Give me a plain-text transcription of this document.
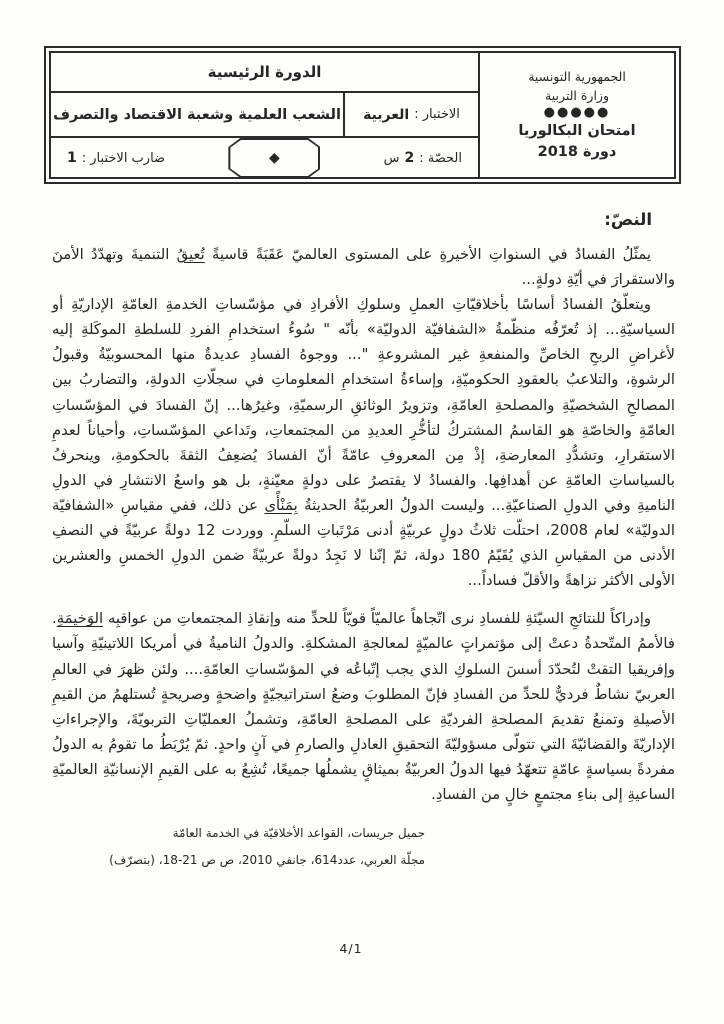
الجمهورية التونسية
وزارة التربية
●●●●●
امتحان البكالوريا
دورة 2018
الدورة الرئيسية
الاختبار :
العربية
الشعب العلمية وشعبة الاقتصاد والتصرف
الحصّة :
2
س
◆
ضارب الاختبار :
1
النصّ:

يمثّلُ الفسادُ في السنواتِ الأخيرةِ على المستوى العالميّ عَقَبَةً قاسيةً تُعيقُ التنميةَ وتهدّدُ الأمنَ والاستقرارَ في أيّةِ دولةٍ...

ويتعلّقُ الفسادُ أساسًا بأخلاقيّاتِ العملِ وسلوكِ الأفرادِ في مؤسّساتِ الخدمةِ العامّةِ الإداريّةِ أو السياسيّةِ... إذ تُعرّفُه منظّمةُ «الشفافيّة الدوليّة» بأنّه " سُوءُ استخدامِ الفردِ للسلطةِ الموكَلةِ إليه لأغراضِ الربحِ الخاصِّ والمنفعةِ غير المشروعةِ "... ووجوهُ الفسادِ عديدةٌ منها المحسوبيّةُ وقبولُ الرشوةِ، والتلاعبُ بالعقودِ الحكوميّةِ، وإساءةُ استخدامِ المعلوماتِ في سجلّاتِ الدولةِ، والتضاربُ بين المصالحِ الشخصيّةِ والمصلحةِ العامّةِ، وتزويرُ الوثائقِ الرسميّةِ، وغيرُها... إنّ الفسادَ في المؤسّساتِ العامّةِ والخاصّةِ هو القاسمُ المشتركُ لتأخُّرِ العديدِ من المجتمعاتِ، وتَداعي المؤسّساتِ، وأحياناً لعدمِ الاستقرارِ، وتشدُّدِ المعارضةِ، إذْ مِن المعروفِ عامّةً أنّ الفسادَ يُضعِفُ الثقةَ بالحكومةِ، وينحرفُ بالسياساتِ العامّةِ عن أهدافِها. والفسادُ لا يقتصرُ على دولةٍ معيّنةٍ، بل هو واسعُ الانتشارِ في الدولِ الناميةِ وفي الدولِ الصناعيّةِ... وليست الدولُ العربيّةُ الحديثةُ بِمَنْأًى عن ذلك، ففي مقياسِ «الشفافيّة الدوليّة» لعام 2008، احتلّت ثلاثُ دولٍ عربيّةٍ أدنى مَرْتَباتِ السلّمِ. ووردت 12 دولةً عربيّةً في النصفِ الأدنى من المقياسِ الذي يُقَيّمُ 180 دولة، ثمّ إنّنا لا نَجِدُ دولةً عربيّةً ضمن الدولِ الخمسِ والعشرين الأولى الأكثر نزاهةً والأقلّ فساداً...

وإدراكاً للنتائجِ السيّئةِ للفسادِ نرى اتّجاهاً عالميّاً قويّاً للحدِّ منه وإنقاذِ المجتمعاتِ من عواقبِه الوَخيمَةِ. فالأممُ المتّحدةُ دعتْ إلى مؤتمراتٍ عالميّةٍ لمعالجةِ المشكلةِ. والدولُ الناميةُ في أمريكا اللاتينيّةِ وآسيا وإفريقيا التقتْ لتُحدّدَ أسسَ السلوكِ الذي يجب إتّباعُه في المؤسّساتِ العامّةِ.... ولئن ظهرَ في العالمِ العربيّ نشاطٌ فرديٌّ للحدِّ من الفسادِ فإنّ المطلوبَ وضعُ استراتيجيّةٍ واضحةٍ وصريحةٍ تُستلهمُ من القيمِ الأصيلةِ وتمنعُ تقديمَ المصلحةِ الفرديّةِ على المصلحةِ العامّةِ، وتشملُ العمليّاتِ التربويّةَ، والإجراءاتِ الإداريّةَ والقضائيّةَ التي تتولّى مسؤوليّةَ التحقيقِ العادلِ والصارمِ في آنٍ واحدٍ. ثمّ يُرْبَطُ ما تقومُ به الدولُ مفردةً بسياسةٍ عامّةٍ تتعهّدُ فيها الدولُ العربيّةُ بميثاقٍ يشملُها جميعًا، تُشِعُ به على القيمِ الإنسانيّةِ العالميّةِ الساعيةِ إلى بناءِ مجتمعٍ خالٍ من الفسادِ.

جميل جريسات، القواعد الأخلاقيّة في الخدمة العامّة
مجلّة العربي، عدد614، جانفي 2010، ص ص 21-18، (بتصرّف)
4/1
